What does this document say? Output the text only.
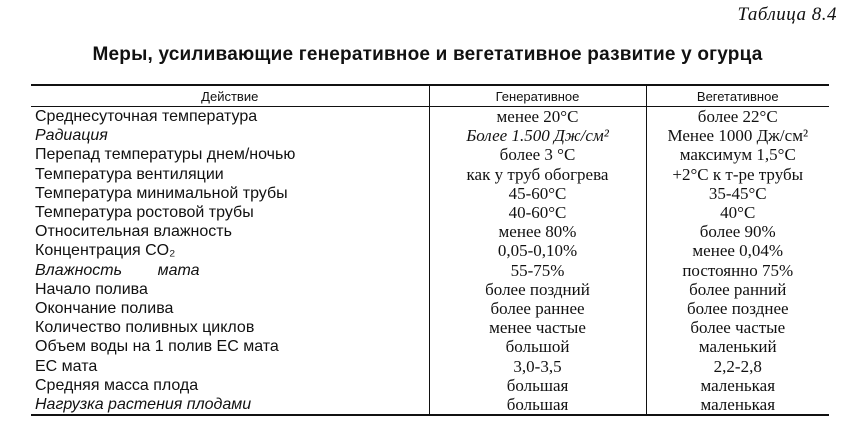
Таблица 8.4
Меры, усиливающие генеративное и вегетативное развитие у огурца
Действие	Генеративное	Вегетативное
Среднесуточная температура	менее 20°C	более 22°C
Радиация	Более 1.500 Дж/см²	Менее 1000 Дж/см²
Перепад температуры днем/ночью	более 3 °C	максимум 1,5°C
Температура вентиляции	как у труб обогрева	+2°C к т-ре трубы
Температура минимальной трубы	45-60°C	35-45°C
Температура ростовой трубы	40-60°C	40°C
Относительная влажность	менее 80%	более 90%
Концентрация CO₂	0,05-0,10%	менее 0,04%
Влажность        мата	55-75%	постоянно 75%
Начало полива	более поздний	более ранний
Окончание полива	более раннее	более позднее
Количество поливных циклов	менее частые	более частые
Объем воды на 1 полив EC мата	большой	маленький
EC мата	3,0-3,5	2,2-2,8
Средняя масса плода	большая	маленькая
Нагрузка растения плодами	большая	маленькая
